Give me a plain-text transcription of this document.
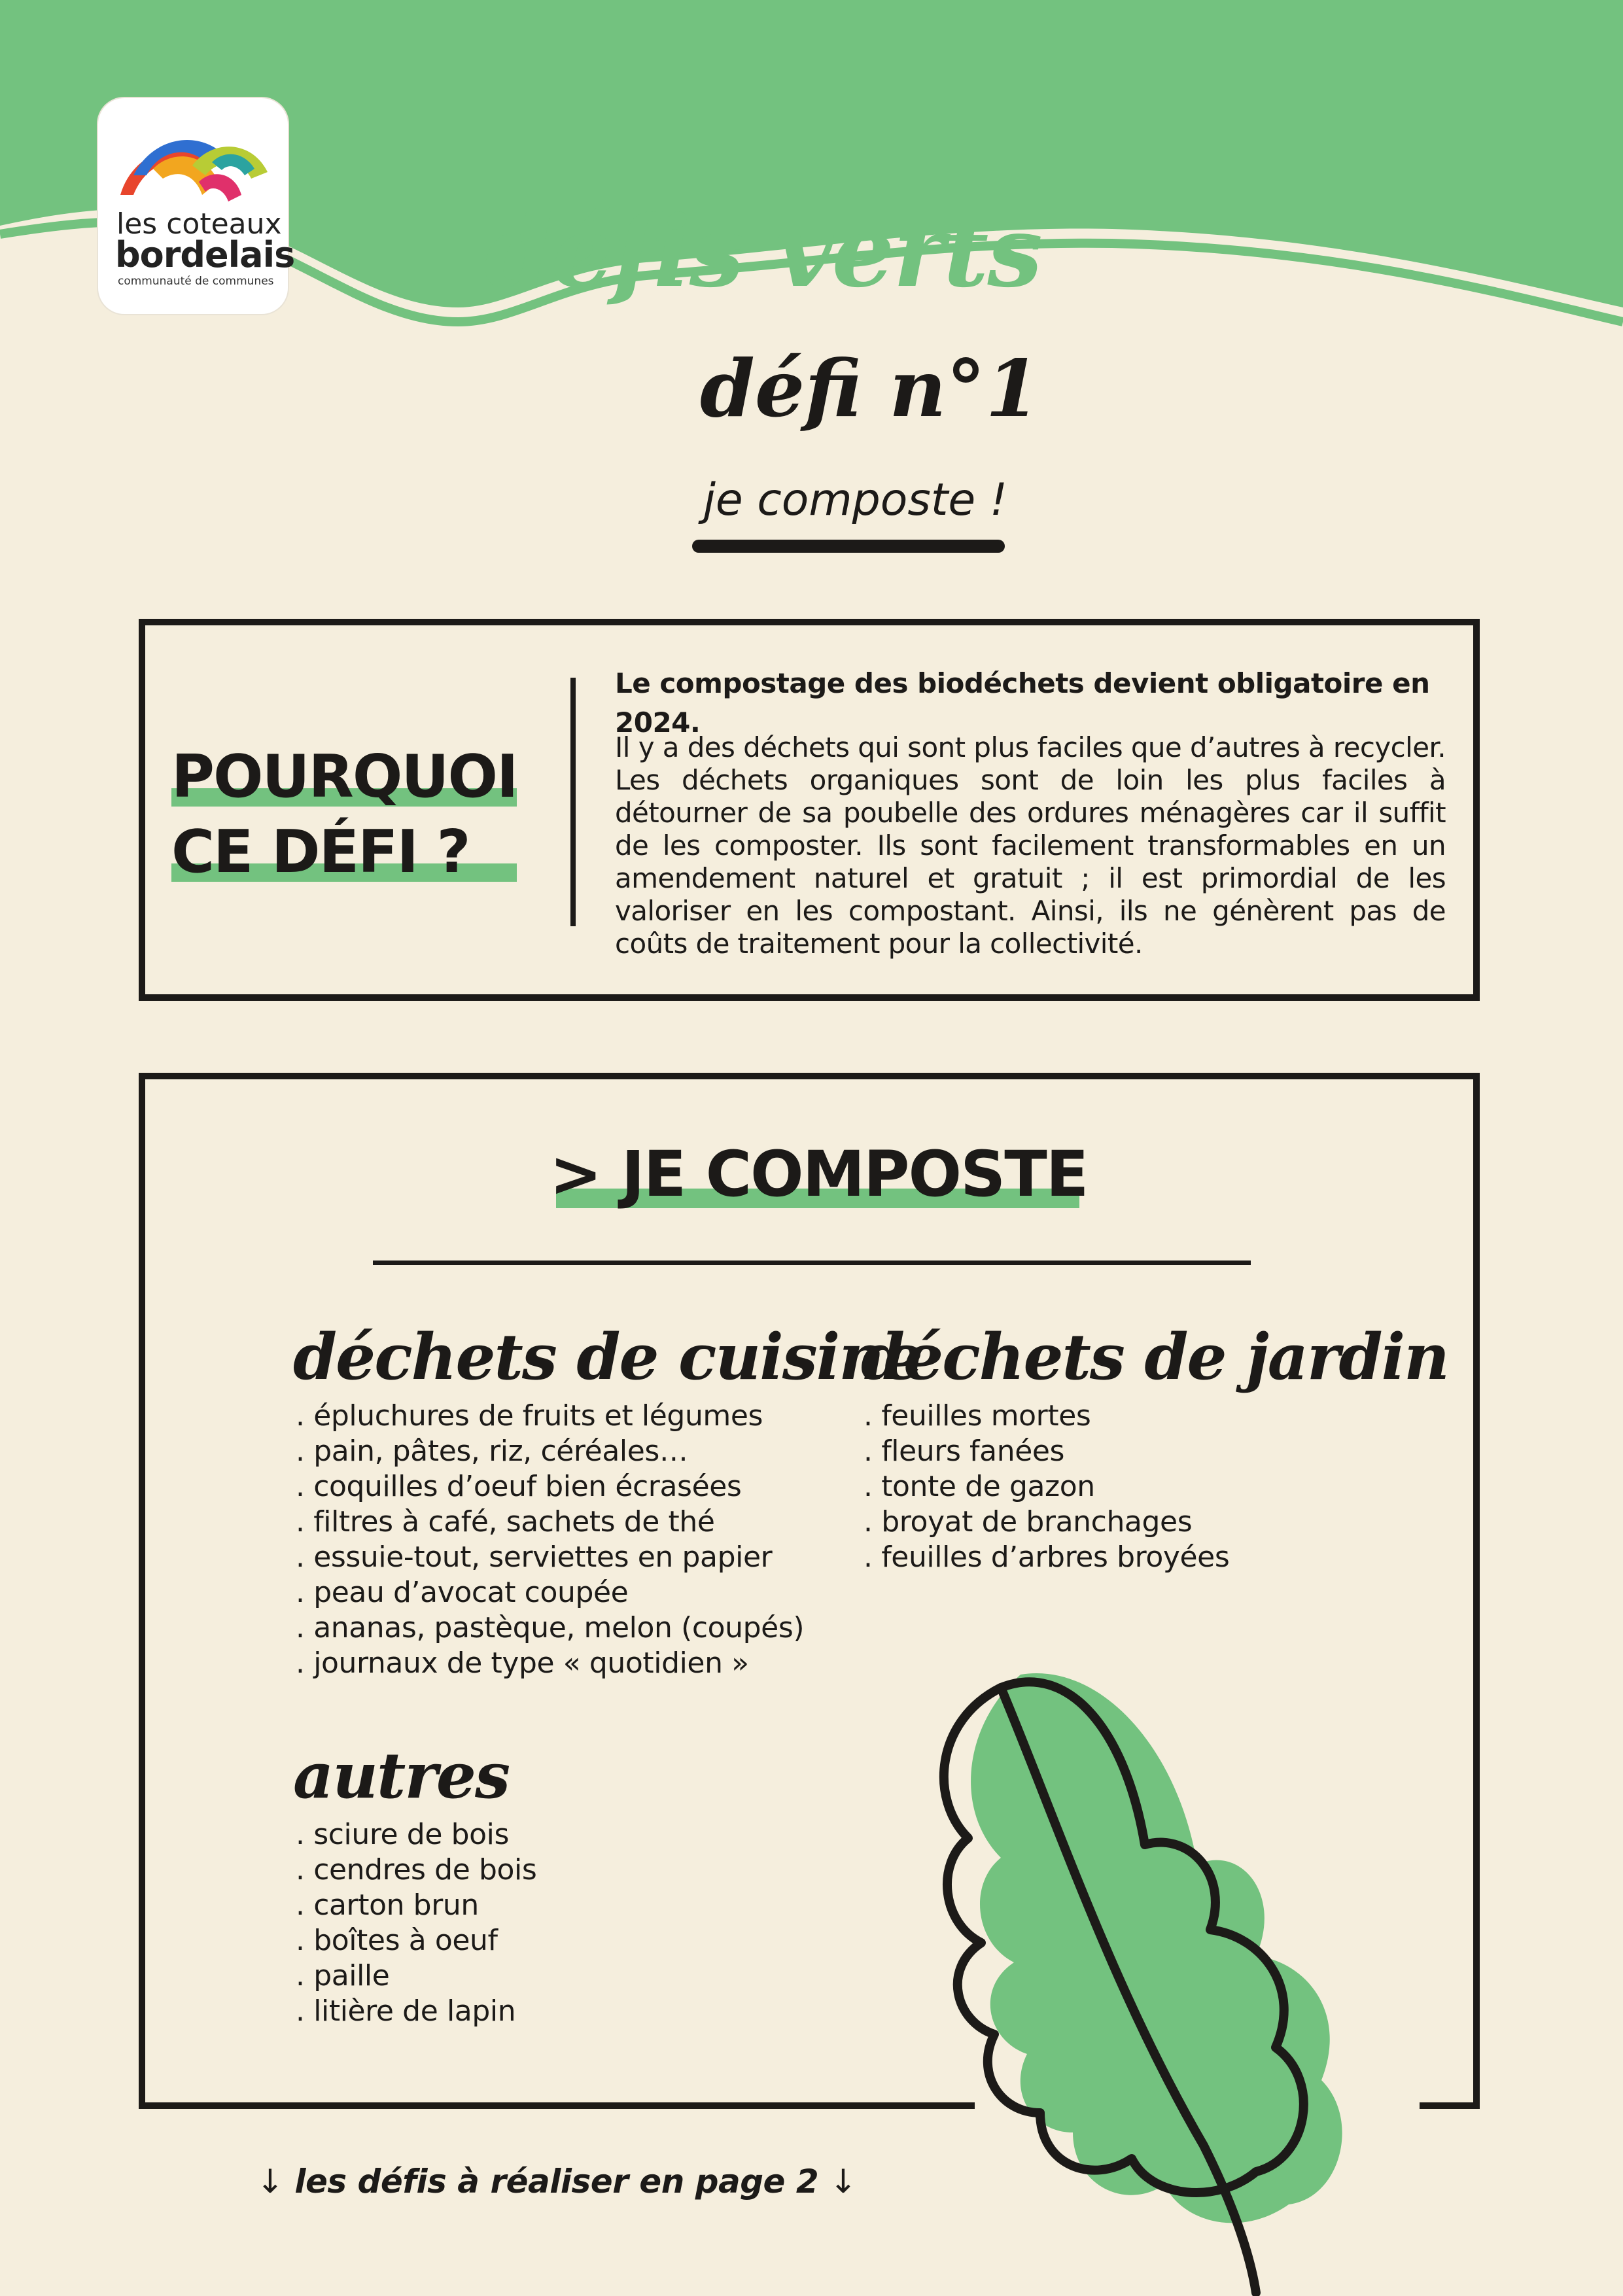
les coteaux
bordelais
communauté de communes défis verts
défi n°1
je composte !
POURQUOI
CE DÉFI ?
Le compostage des biodéchets devient obligatoire en 2024.
Il y a des déchets qui sont plus faciles que d’autres à recycler. Les déchets organiques sont de loin les plus faciles à détourner de sa poubelle des ordures ménagères car il suffit de les composter. Ils sont facilement transformables en un amendement naturel et gratuit ; il est primordial de les valoriser en les compostant. Ainsi, ils ne génèrent pas de coûts de traitement pour la collectivité.
> JE COMPOSTE
déchets de cuisine
. épluchures de fruits et légumes
. pain, pâtes, riz, céréales…
. coquilles d’oeuf bien écrasées
. filtres à café, sachets de thé
. essuie-tout, serviettes en papier
. peau d’avocat coupée
. ananas, pastèque, melon (coupés)
. journaux de type « quotidien »
déchets de jardin
. feuilles mortes
. fleurs fanées
. tonte de gazon
. broyat de branchages
. feuilles d’arbres broyées
autres
. sciure de bois
. cendres de bois
. carton brun
. boîtes à oeuf
. paille
. litière de lapin
↓ les défis à réaliser en page 2 ↓
